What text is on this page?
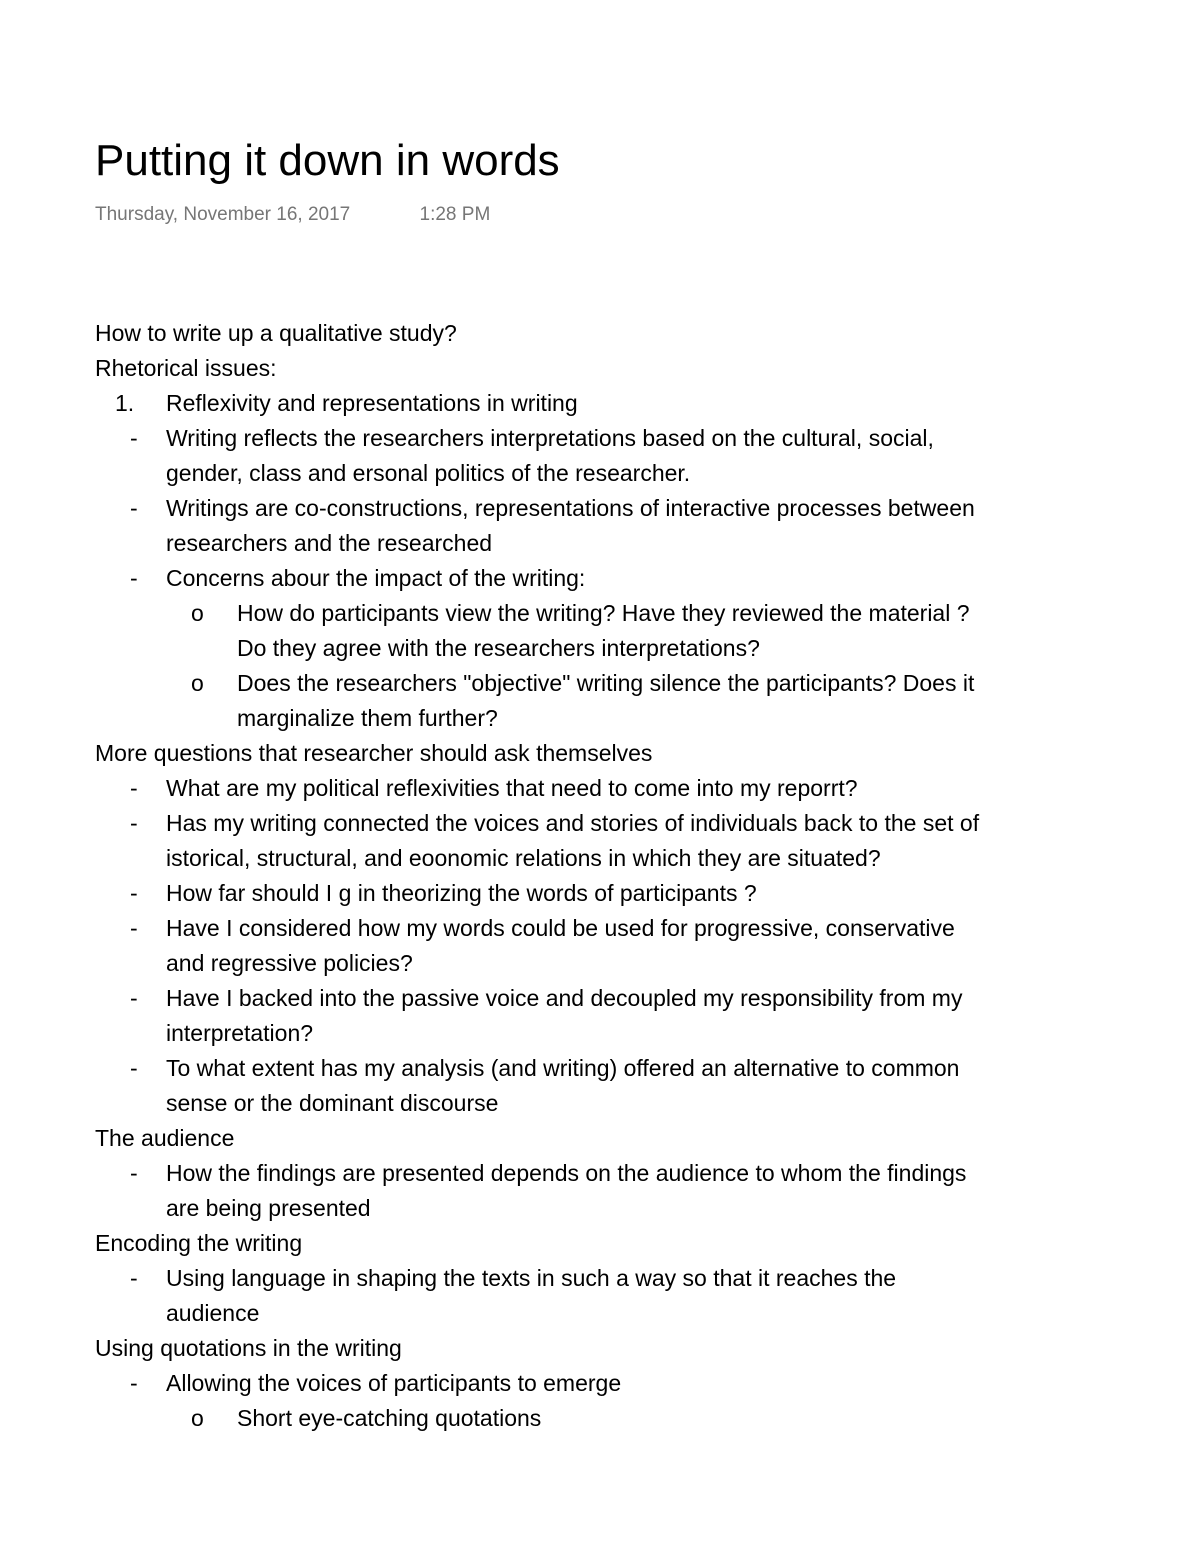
Putting it down in words
Thursday, November 16, 2017	1:28 PM
How to write up a qualitative study?
Rhetorical issues:
1. Reflexivity and representations in writing
- Writing reflects the researchers interpretations based on the cultural, social,
gender, class and ersonal politics of the researcher.
- Writings are co-constructions, representations of interactive processes between
researchers and the researched
- Concerns abour the impact of the writing:
o How do participants view the writing? Have they reviewed the material ?
Do they agree with the researchers interpretations?
o Does the researchers "objective" writing silence the participants? Does it
marginalize them further?
More questions that researcher should ask themselves
- What are my political reflexivities that need to come into my reporrt?
- Has my writing connected the voices and stories of individuals back to the set of
istorical, structural, and eoonomic relations in which they are situated?
- How far should I g in theorizing the words of participants ?
- Have I considered how my words could be used for progressive, conservative
and regressive policies?
- Have I backed into the passive voice and decoupled my responsibility from my
interpretation?
- To what extent has my analysis (and writing) offered an alternative to common
sense or the dominant discourse
The audience
- How the findings are presented depends on the audience to whom the findings
are being presented
Encoding the writing
- Using language in shaping the texts in such a way so that it reaches the
audience
Using quotations in the writing
- Allowing the voices of participants to emerge
o Short eye-catching quotations
